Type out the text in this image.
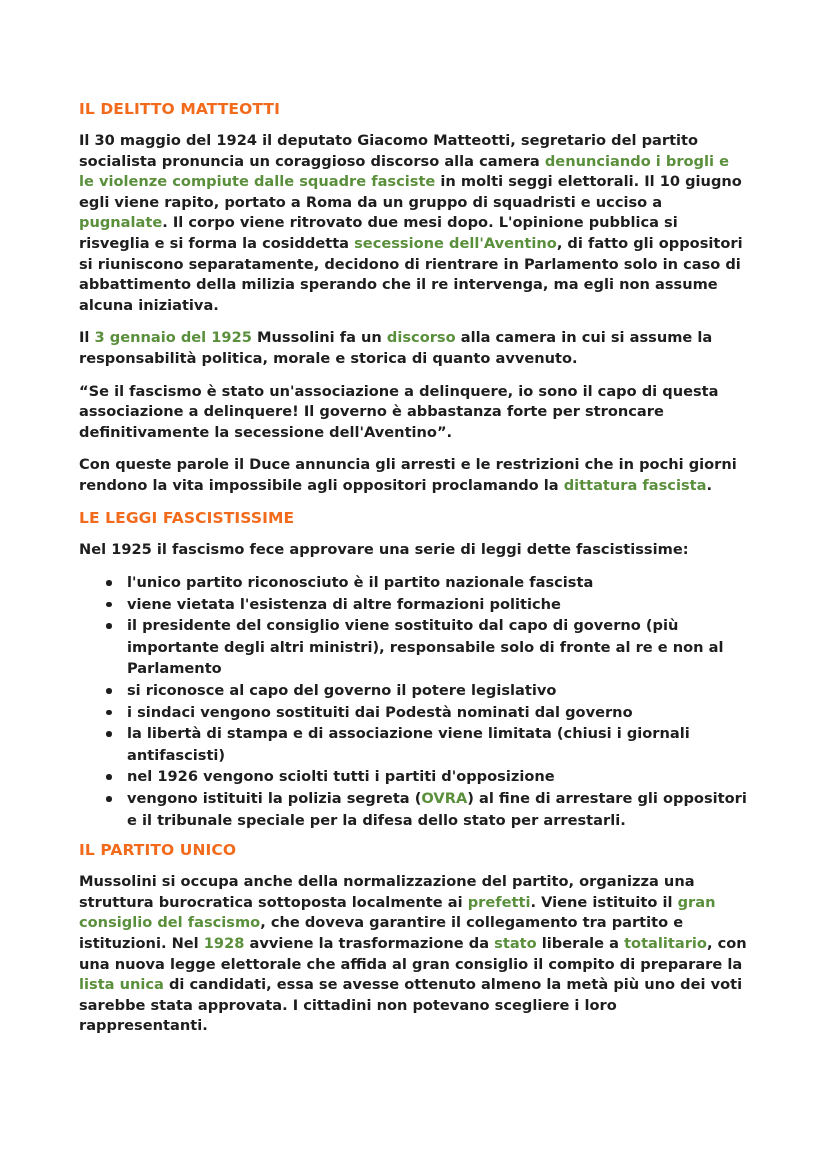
IL DELITTO MATTEOTTI

Il 30 maggio del 1924 il deputato Giacomo Matteotti, segretario del partito socialista pronuncia un coraggioso discorso alla camera denunciando i brogli e le violenze compiute dalle squadre fasciste in molti seggi elettorali. Il 10 giugno egli viene rapito, portato a Roma da un gruppo di squadristi e ucciso a pugnalate. Il corpo viene ritrovato due mesi dopo. L'opinione pubblica si risveglia e si forma la cosiddetta secessione dell'Aventino, di fatto gli oppositori si riuniscono separatamente, decidono di rientrare in Parlamento solo in caso di abbattimento della milizia sperando che il re intervenga, ma egli non assume alcuna iniziativa.

Il 3 gennaio del 1925 Mussolini fa un discorso alla camera in cui si assume la responsabilità politica, morale e storica di quanto avvenuto.

“Se il fascismo è stato un'associazione a delinquere, io sono il capo di questa associazione a delinquere! Il governo è abbastanza forte per stroncare definitivamente la secessione dell'Aventino”.

Con queste parole il Duce annuncia gli arresti e le restrizioni che in pochi giorni rendono la vita impossibile agli oppositori proclamando la dittatura fascista.

LE LEGGI FASCISTISSIME

Nel 1925 il fascismo fece approvare una serie di leggi dette fascistissime:

l'unico partito riconosciuto è il partito nazionale fascista
viene vietata l'esistenza di altre formazioni politiche
il presidente del consiglio viene sostituito dal capo di governo (più importante degli altri ministri), responsabile solo di fronte al re e non al Parlamento
si riconosce al capo del governo il potere legislativo
i sindaci vengono sostituiti dai Podestà nominati dal governo
la libertà di stampa e di associazione viene limitata (chiusi i giornali antifascisti)
nel 1926 vengono sciolti tutti i partiti d'opposizione
vengono istituiti la polizia segreta (OVRA) al fine di arrestare gli oppositori e il tribunale speciale per la difesa dello stato per arrestarli.
IL PARTITO UNICO

Mussolini si occupa anche della normalizzazione del partito, organizza una struttura burocratica sottoposta localmente ai prefetti. Viene istituito il gran consiglio del fascismo, che doveva garantire il collegamento tra partito e istituzioni. Nel 1928 avviene la trasformazione da stato liberale a totalitario, con una nuova legge elettorale che affida al gran consiglio il compito di preparare la lista unica di candidati, essa se avesse ottenuto almeno la metà più uno dei voti sarebbe stata approvata. I cittadini non potevano scegliere i loro rappresentanti.
